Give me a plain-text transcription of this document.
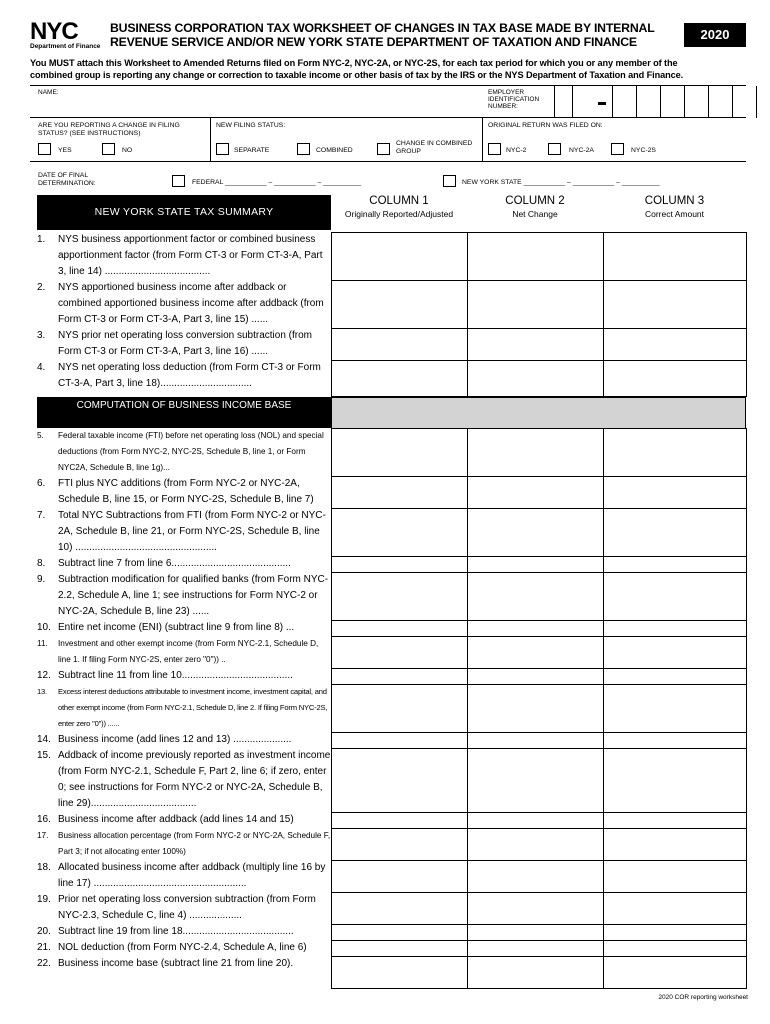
NYC
Department of Finance
BUSINESS CORPORATION TAX WORKSHEET OF CHANGES IN TAX BASE MADE BY INTERNAL
REVENUE SERVICE AND/OR NEW YORK STATE DEPARTMENT OF TAXATION AND FINANCE	2020
You MUST attach this Worksheet to Amended Returns filed on Form NYC-2, NYC-2A, or NYC-2S, for each tax period for which you or any member of the
combined group is reporting any change or correction to taxable income or other basis of tax by the IRS or the NYS Department of Taxation and Finance.
NAME:	EMPLOYER IDENTIFICATION NUMBER:
ARE YOU REPORTING A CHANGE IN FILING STATUS? (SEE INSTRUCTIONS)
YES	NO
NEW FILING STATUS:
SEPARATE	COMBINED
CHANGE IN COMBINED GROUP
ORIGINAL RETURN WAS FILED ON:
NYC-2	NYC-2A	NYC-2S
DATE OF FINAL DETERMINATION:	FEDERAL ___________ – ___________ – __________	NEW YORK STATE ___________ – ___________ – __________
NEW YORK STATE TAX SUMMARY
COLUMN 1
Originally Reported/Adjusted
COLUMN 2
Net Change
COLUMN 3
Correct Amount
1. NYS business apportionment factor or combined business apportionment factor (from Form CT-3 or Form CT-3-A, Part 3, line 14) ......................................
2. NYS apportioned business income after addback or combined apportioned business income after addback (from Form CT-3 or Form CT-3-A, Part 3, line 15) ......
3. NYS prior net operating loss conversion subtraction (from Form CT-3 or Form CT-3-A, Part 3, line 16) ......
4. NYS net operating loss deduction (from Form CT-3 or Form CT-3-A, Part 3, line 18).................................
5. Federal taxable income (FTI) before net operating loss (NOL) and special deductions (from Form NYC-2, NYC-2S, Schedule B, line 1, or Form NYC2A, Schedule B, line 1g)...
6. FTI plus NYC additions (from Form NYC-2 or NYC-2A, Schedule B, line 15, or Form NYC-2S, Schedule B, line 7)
7. Total NYC Subtractions from FTI (from Form NYC-2 or NYC-2A, Schedule B, line 21, or Form NYC-2S, Schedule B, line 10) ...................................................
8. Subtract line 7 from line 6...........................................
9. Subtraction modification for qualified banks (from Form NYC-2.2, Schedule A, line 1; see instructions for Form NYC-2 or NYC-2A, Schedule B, line 23) ......
10. Entire net income (ENI) (subtract line 9 from line 8) ...
11. Investment and other exempt income (from Form NYC-2.1, Schedule D, line 1. If filing Form NYC-2S, enter zero "0")) ..
12. Subtract line 11 from line 10........................................
13. Excess interest deductions attributable to investment income, investment capital, and other exempt income (from Form NYC-2.1, Schedule D, line 2. If filing Form NYC-2S, enter zero "0")) ......
14. Business income (add lines 12 and 13) .....................
15. Addback of income previously reported as investment income (from Form NYC-2.1, Schedule F, Part 2, line 6; if zero, enter 0; see instructions for Form NYC-2 or NYC-2A, Schedule B, line 29)......................................
16. Business income after addback (add lines 14 and 15)
17. Business allocation percentage (from Form NYC-2 or NYC-2A, Schedule F, Part 3; if not allocating enter 100%)
18. Allocated business income after addback (multiply line 16 by line 17) .......................................................
19. Prior net operating loss conversion subtraction (from Form NYC-2.3, Schedule C, line 4) ...................
20. Subtract line 19 from line 18........................................
21. NOL deduction (from Form NYC-2.4, Schedule A, line 6)
22. Business income base (subtract line 21 from line 20).
COMPUTATION OF BUSINESS INCOME BASE
2020 COR reporting worksheet
